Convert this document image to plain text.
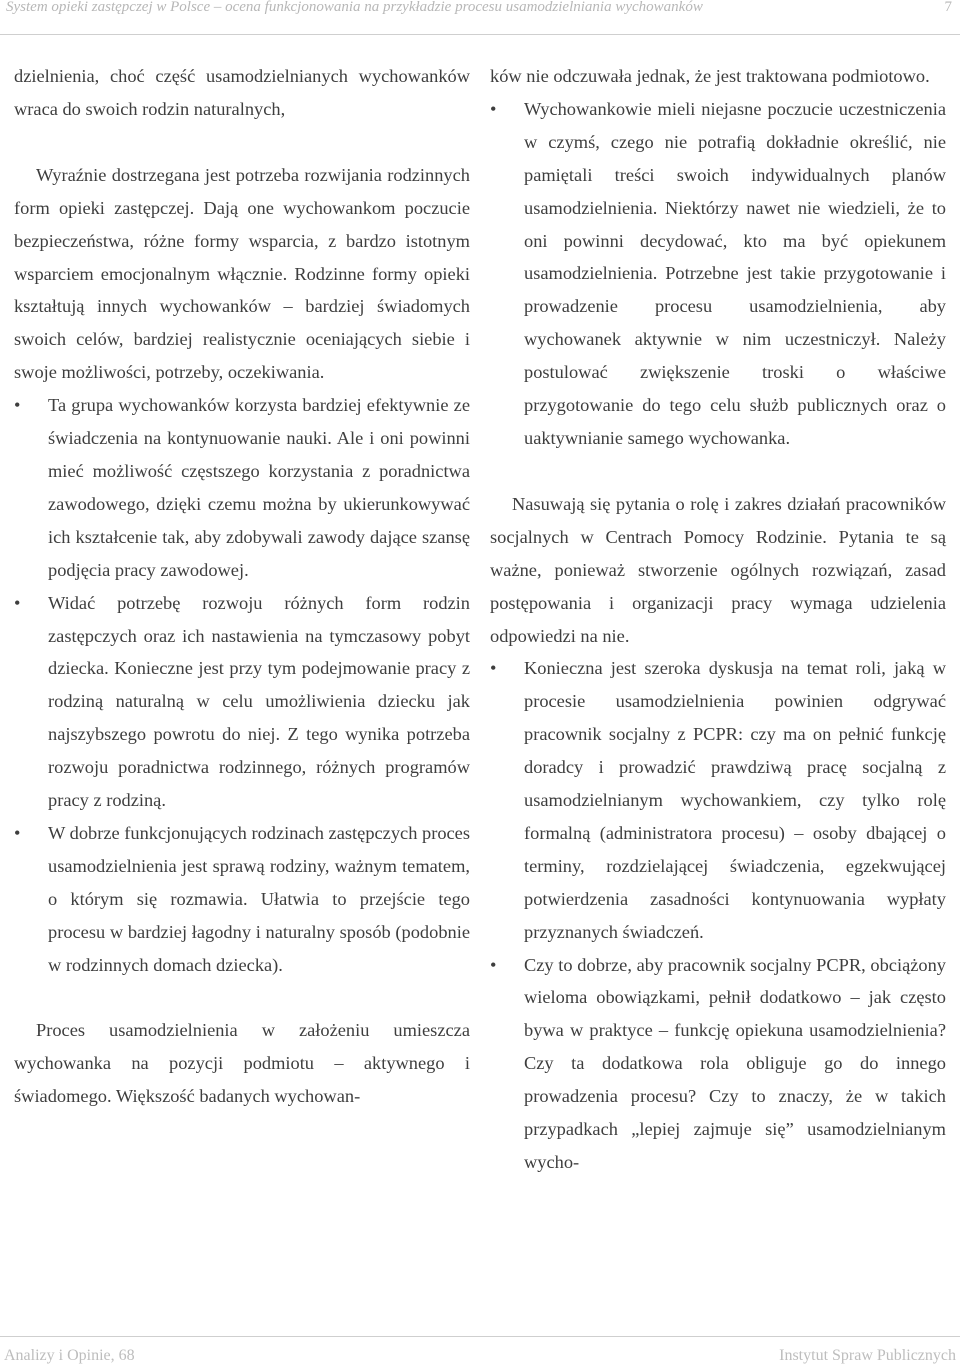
System opieki zastępczej w Polsce – ocena funkcjonowania na przykładzie procesu usamodzielniania wychowanków	7

dzielnienia, choć część usamodzielnianych wychowanków wraca do swoich rodzin naturalnych,

Wyraźnie dostrzegana jest potrzeba rozwijania rodzinnych form opieki zastępczej. Dają one wychowankom poczucie bezpieczeństwa, różne formy wsparcia, z bardzo istotnym wsparciem emocjonalnym włącznie. Rodzinne formy opieki kształtują innych wychowanków – bardziej świadomych swoich celów, bardziej realistycznie oceniających siebie i swoje możliwości, potrzeby, oczekiwania.

•	Ta grupa wychowanków korzysta bardziej efektywnie ze świadczenia na kontynuowanie nauki. Ale i oni powinni mieć możliwość częstszego korzystania z poradnictwa zawodowego, dzięki czemu można by ukierunkowywać ich kształcenie tak, aby zdobywali zawody dające szansę podjęcia pracy zawodowej.
•	Widać potrzebę rozwoju różnych form rodzin zastępczych oraz ich nastawienia na tymczasowy pobyt dziecka. Konieczne jest przy tym podejmowanie pracy z rodziną naturalną w celu umożliwienia dziecku jak najszybszego powrotu do niej. Z tego wynika potrzeba rozwoju poradnictwa rodzinnego, różnych programów pracy z rodziną.
•	W dobrze funkcjonujących rodzinach zastępczych proces usamodzielnienia jest sprawą rodziny, ważnym tematem, o którym się rozmawia. Ułatwia to przejście tego procesu w bardziej łagodny i naturalny sposób (podobnie w rodzinnych domach dziecka).

Proces usamodzielnienia w założeniu umieszcza wychowanka na pozycji podmiotu – aktywnego i świadomego. Większość badanych wychowan-

ków nie odczuwała jednak, że jest traktowana podmiotowo.

•	Wychowankowie mieli niejasne poczucie uczestniczenia w czymś, czego nie potrafią dokładnie określić, nie pamiętali treści swoich indywidualnych planów usamodzielnienia. Niektórzy nawet nie wiedzieli, że to oni powinni decydować, kto ma być opiekunem usamodzielnienia. Potrzebne jest takie przygotowanie i prowadzenie procesu usamodzielnienia, aby wychowanek aktywnie w nim uczestniczył. Należy postulować zwiększenie troski o właściwe przygotowanie do tego celu służb publicznych oraz o uaktywnianie samego wychowanka.

Nasuwają się pytania o rolę i zakres działań pracowników socjalnych w Centrach Pomocy Rodzinie. Pytania te są ważne, ponieważ stworzenie ogólnych rozwiązań, zasad postępowania i organizacji pracy wymaga udzielenia odpowiedzi na nie.

•	Konieczna jest szeroka dyskusja na temat roli, jaką w procesie usamodzielnienia powinien odgrywać pracownik socjalny z PCPR: czy ma on pełnić funkcję doradcy i prowadzić prawdziwą pracę socjalną z usamodzielnianym wychowankiem, czy tylko rolę formalną (administratora procesu) – osoby dbającej o terminy, rozdzielającej świadczenia, egzekwującej potwierdzenia zasadności kontynuowania wypłaty przyznanych świadczeń.
•	Czy to dobrze, aby pracownik socjalny PCPR, obciążony wieloma obowiązkami, pełnił dodatkowo – jak często bywa w praktyce – funkcję opiekuna usamodzielnienia? Czy ta dodatkowa rola obliguje go do innego prowadzenia procesu? Czy to znaczy, że w takich przypadkach „lepiej zajmuje się” usamodzielnianym wycho-
Analizy i Opinie, 68	Instytut Spraw Publicznych
